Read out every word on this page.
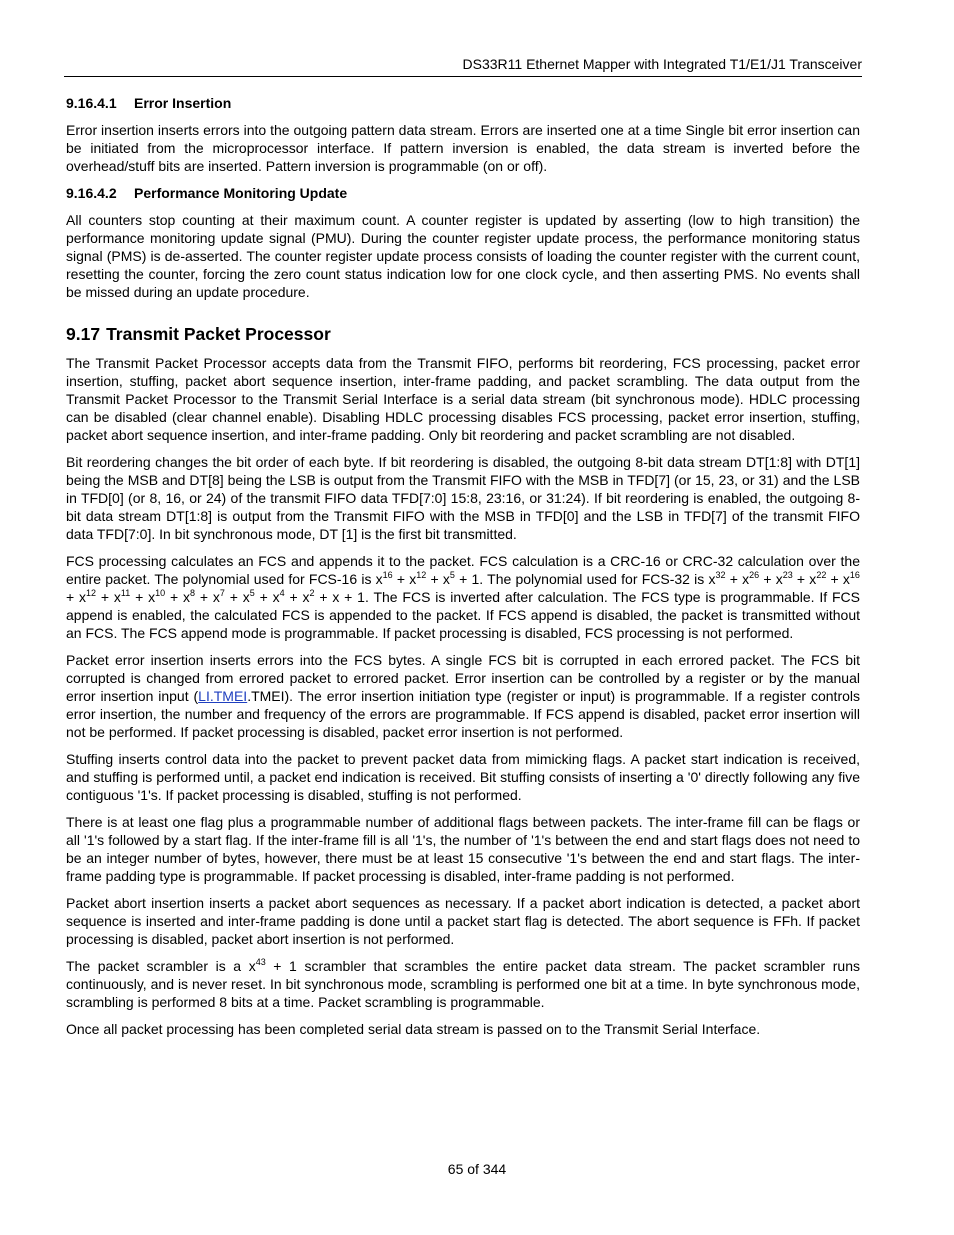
DS33R11 Ethernet Mapper with Integrated T1/E1/J1 Transceiver
9.16.4.1 Error Insertion

Error insertion inserts errors into the outgoing pattern data stream. Errors are inserted one at a time Single bit error insertion can be initiated from the microprocessor interface. If pattern inversion is enabled, the data stream is inverted before the overhead/stuff bits are inserted. Pattern inversion is programmable (on or off).

9.16.4.2 Performance Monitoring Update

All counters stop counting at their maximum count. A counter register is updated by asserting (low to high transition) the performance monitoring update signal (PMU). During the counter register update process, the performance monitoring status signal (PMS) is de-asserted. The counter register update process consists of loading the counter register with the current count, resetting the counter, forcing the zero count status indication low for one clock cycle, and then asserting PMS. No events shall be missed during an update procedure.

9.17 Transmit Packet Processor

The Transmit Packet Processor accepts data from the Transmit FIFO, performs bit reordering, FCS processing, packet error insertion, stuffing, packet abort sequence insertion, inter-frame padding, and packet scrambling. The data output from the Transmit Packet Processor to the Transmit Serial Interface is a serial data stream (bit synchronous mode). HDLC processing can be disabled (clear channel enable). Disabling HDLC processing disables FCS processing, packet error insertion, stuffing, packet abort sequence insertion, and inter-frame padding. Only bit reordering and packet scrambling are not disabled.

Bit reordering changes the bit order of each byte. If bit reordering is disabled, the outgoing 8-bit data stream DT[1:8] with DT[1] being the MSB and DT[8] being the LSB is output from the Transmit FIFO with the MSB in TFD[7] (or 15, 23, or 31) and the LSB in TFD[0] (or 8, 16, or 24) of the transmit FIFO data TFD[7:0] 15:8, 23:16, or 31:24). If bit reordering is enabled, the outgoing 8-bit data stream DT[1:8] is output from the Transmit FIFO with the MSB in TFD[0] and the LSB in TFD[7] of the transmit FIFO data TFD[7:0]. In bit synchronous mode, DT [1] is the first bit transmitted.

FCS processing calculates an FCS and appends it to the packet. FCS calculation is a CRC-16 or CRC-32 calculation over the entire packet. The polynomial used for FCS-16 is $x^{16} + x^{12} + x^5 + 1$. The polynomial used for FCS-32 is $x^{32} + x^{26} + x^{23} + x^{22} + x^{16} + x^{12} + x^{11} + x^{10} + x^8 + x^7 + x^5 + x^4 + x^2 + x + 1$. The FCS is inverted after calculation. The FCS type is programmable. If FCS append is enabled, the calculated FCS is appended to the packet. If FCS append is disabled, the packet is transmitted without an FCS. The FCS append mode is programmable. If packet processing is disabled, FCS processing is not performed.

Packet error insertion inserts errors into the FCS bytes. A single FCS bit is corrupted in each errored packet. The FCS bit corrupted is changed from errored packet to errored packet. Error insertion can be controlled by a register or by the manual error insertion input (LI.TMEI.TMEI). The error insertion initiation type (register or input) is programmable. If a register controls error insertion, the number and frequency of the errors are programmable. If FCS append is disabled, packet error insertion will not be performed. If packet processing is disabled, packet error insertion is not performed.

Stuffing inserts control data into the packet to prevent packet data from mimicking flags. A packet start indication is received, and stuffing is performed until, a packet end indication is received. Bit stuffing consists of inserting a '0' directly following any five contiguous '1's. If packet processing is disabled, stuffing is not performed.

There is at least one flag plus a programmable number of additional flags between packets. The inter-frame fill can be flags or all '1's followed by a start flag. If the inter-frame fill is all '1's, the number of '1's between the end and start flags does not need to be an integer number of bytes, however, there must be at least 15 consecutive '1's between the end and start flags. The inter-frame padding type is programmable. If packet processing is disabled, inter-frame padding is not performed.

Packet abort insertion inserts a packet abort sequences as necessary. If a packet abort indication is detected, a packet abort sequence is inserted and inter-frame padding is done until a packet start flag is detected. The abort sequence is FFh. If packet processing is disabled, packet abort insertion is not performed.

The packet scrambler is a $x^{43} + 1$ scrambler that scrambles the entire packet data stream. The packet scrambler runs continuously, and is never reset. In bit synchronous mode, scrambling is performed one bit at a time. In byte synchronous mode, scrambling is performed 8 bits at a time. Packet scrambling is programmable.

Once all packet processing has been completed serial data stream is passed on to the Transmit Serial Interface.

65 of 344
